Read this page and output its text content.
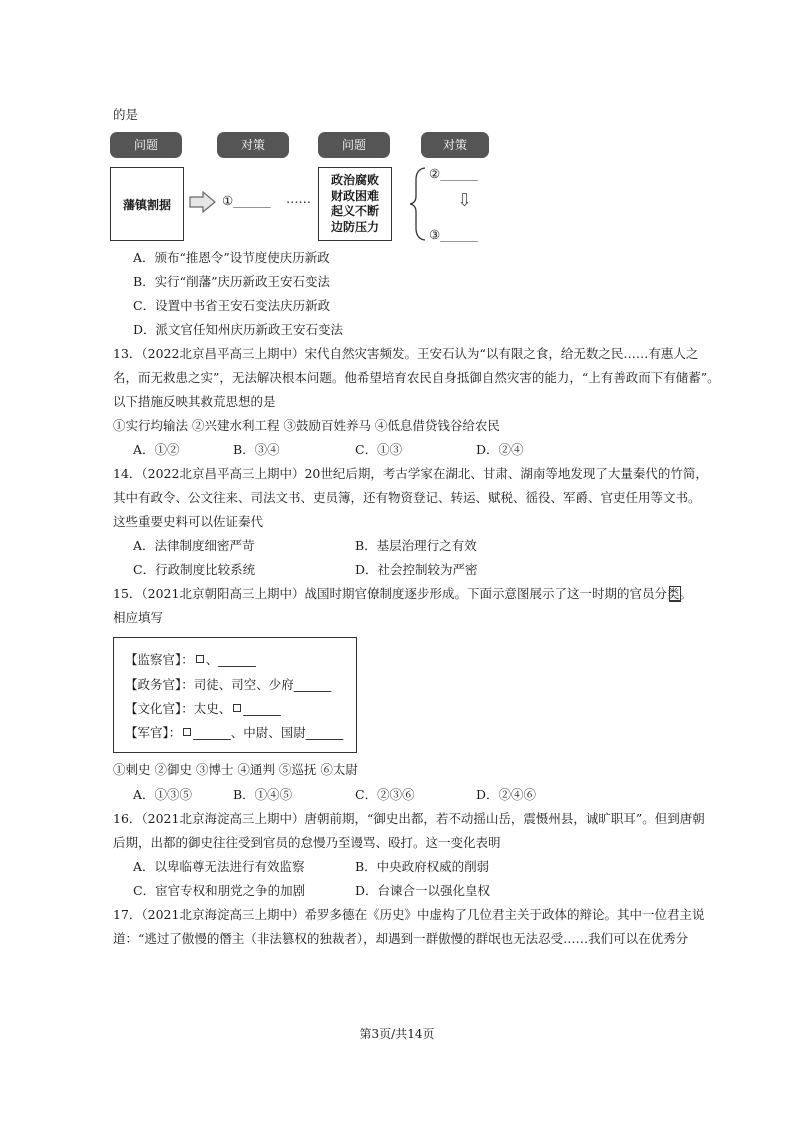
的是
问题	对策	问题	对策
藩镇割据	①______ ……
政治腐败
财政困难
起义不断
边防压力
②______
⇩
③______
A．颁布“推恩令”设节度使庆历新政
B．实行“削藩”庆历新政王安石变法
C．设置中书省王安石变法庆历新政
D．派文官任知州庆历新政王安石变法
13．（2022北京昌平高三上期中）宋代自然灾害频发。王安石认为“以有限之食，给无数之民……有惠人之
名，而无救患之实”，无法解决根本问题。他希望培育农民自身抵御自然灾害的能力，“上有善政而下有储蓄”。
以下措施反映其救荒思想的是
①实行均输法 ②兴建水利工程 ③鼓励百姓养马 ④低息借贷钱谷给农民
A．①②	B．③④	C．①③	D．②④
14．（2022北京昌平高三上期中）20世纪后期，考古学家在湖北、甘肃、湖南等地发现了大量秦代的竹简，
其中有政令、公文往来、司法文书、吏员簿，还有物资登记、转运、赋税、徭役、军爵、官吏任用等文书。
这些重要史料可以佐证秦代
A．法律制度细密严苛	B．基层治理行之有效
C．行政制度比较系统	D．社会控制较为严密
15．（2021北京朝阳高三上期中）战国时期官僚制度逐步形成。下面示意图展示了这一时期的官员分类。
相应填写
【监察官】： 、______
【政务官】：司徒、司空、少府______
【文化官】：太史、 ______
【军官】： ______、中尉、国尉______
①刺史 ②御史 ③博士 ④通判 ⑤巡抚 ⑥太尉
A．①③⑤	B．①④⑤	C．②③⑥	D．②④⑥
16．（2021北京海淀高三上期中）唐朝前期，“御史出都，若不动摇山岳，震慑州县，诚旷职耳”。但到唐朝
后期，出都的御史往往受到官员的怠慢乃至谩骂、殴打。这一变化表明
A．以卑临尊无法进行有效监察	B．中央政府权威的削弱
C．宦官专权和朋党之争的加剧	D．台谏合一以强化皇权
17．（2021北京海淀高三上期中）希罗多德在《历史》中虚构了几位君主关于政体的辩论。其中一位君主说
道：“逃过了傲慢的僭主（非法篡权的独裁者），却遇到一群傲慢的群氓也无法忍受……我们可以在优秀分
第3页/共14页
